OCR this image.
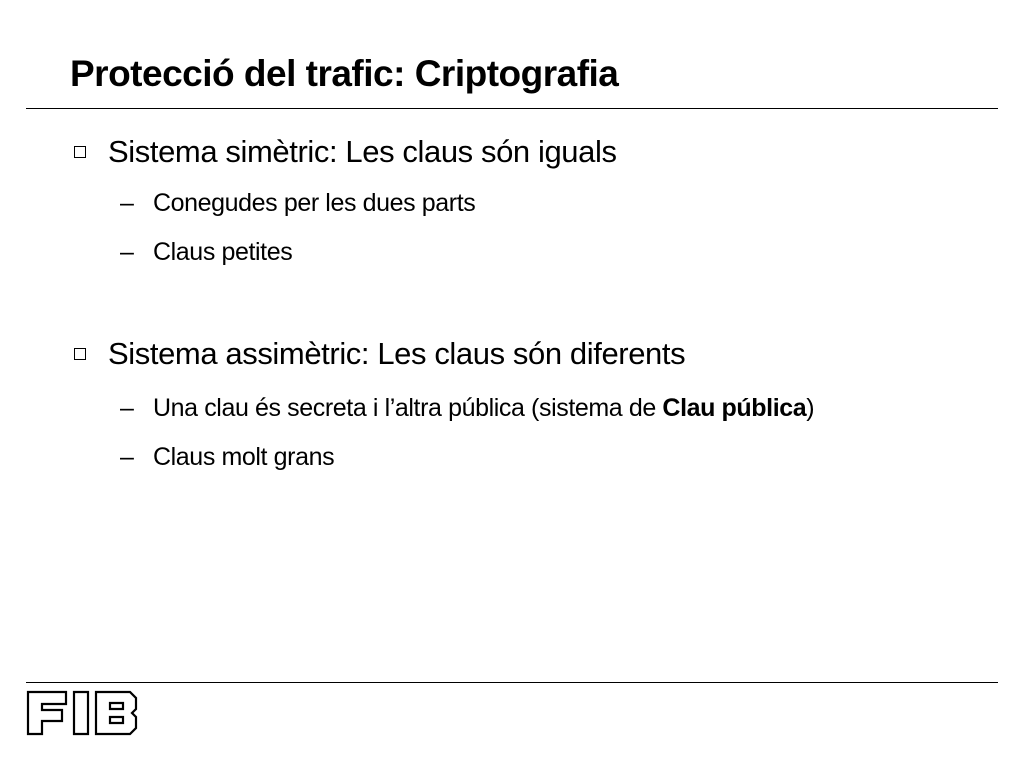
Protecció del trafic: Criptografia
Sistema simètric: Les claus són iguals
– Conegudes per les dues parts
– Claus petites
Sistema assimètric: Les claus són diferents
– Una clau és secreta i l’altra pública (sistema de Clau pública)
– Claus molt grans
